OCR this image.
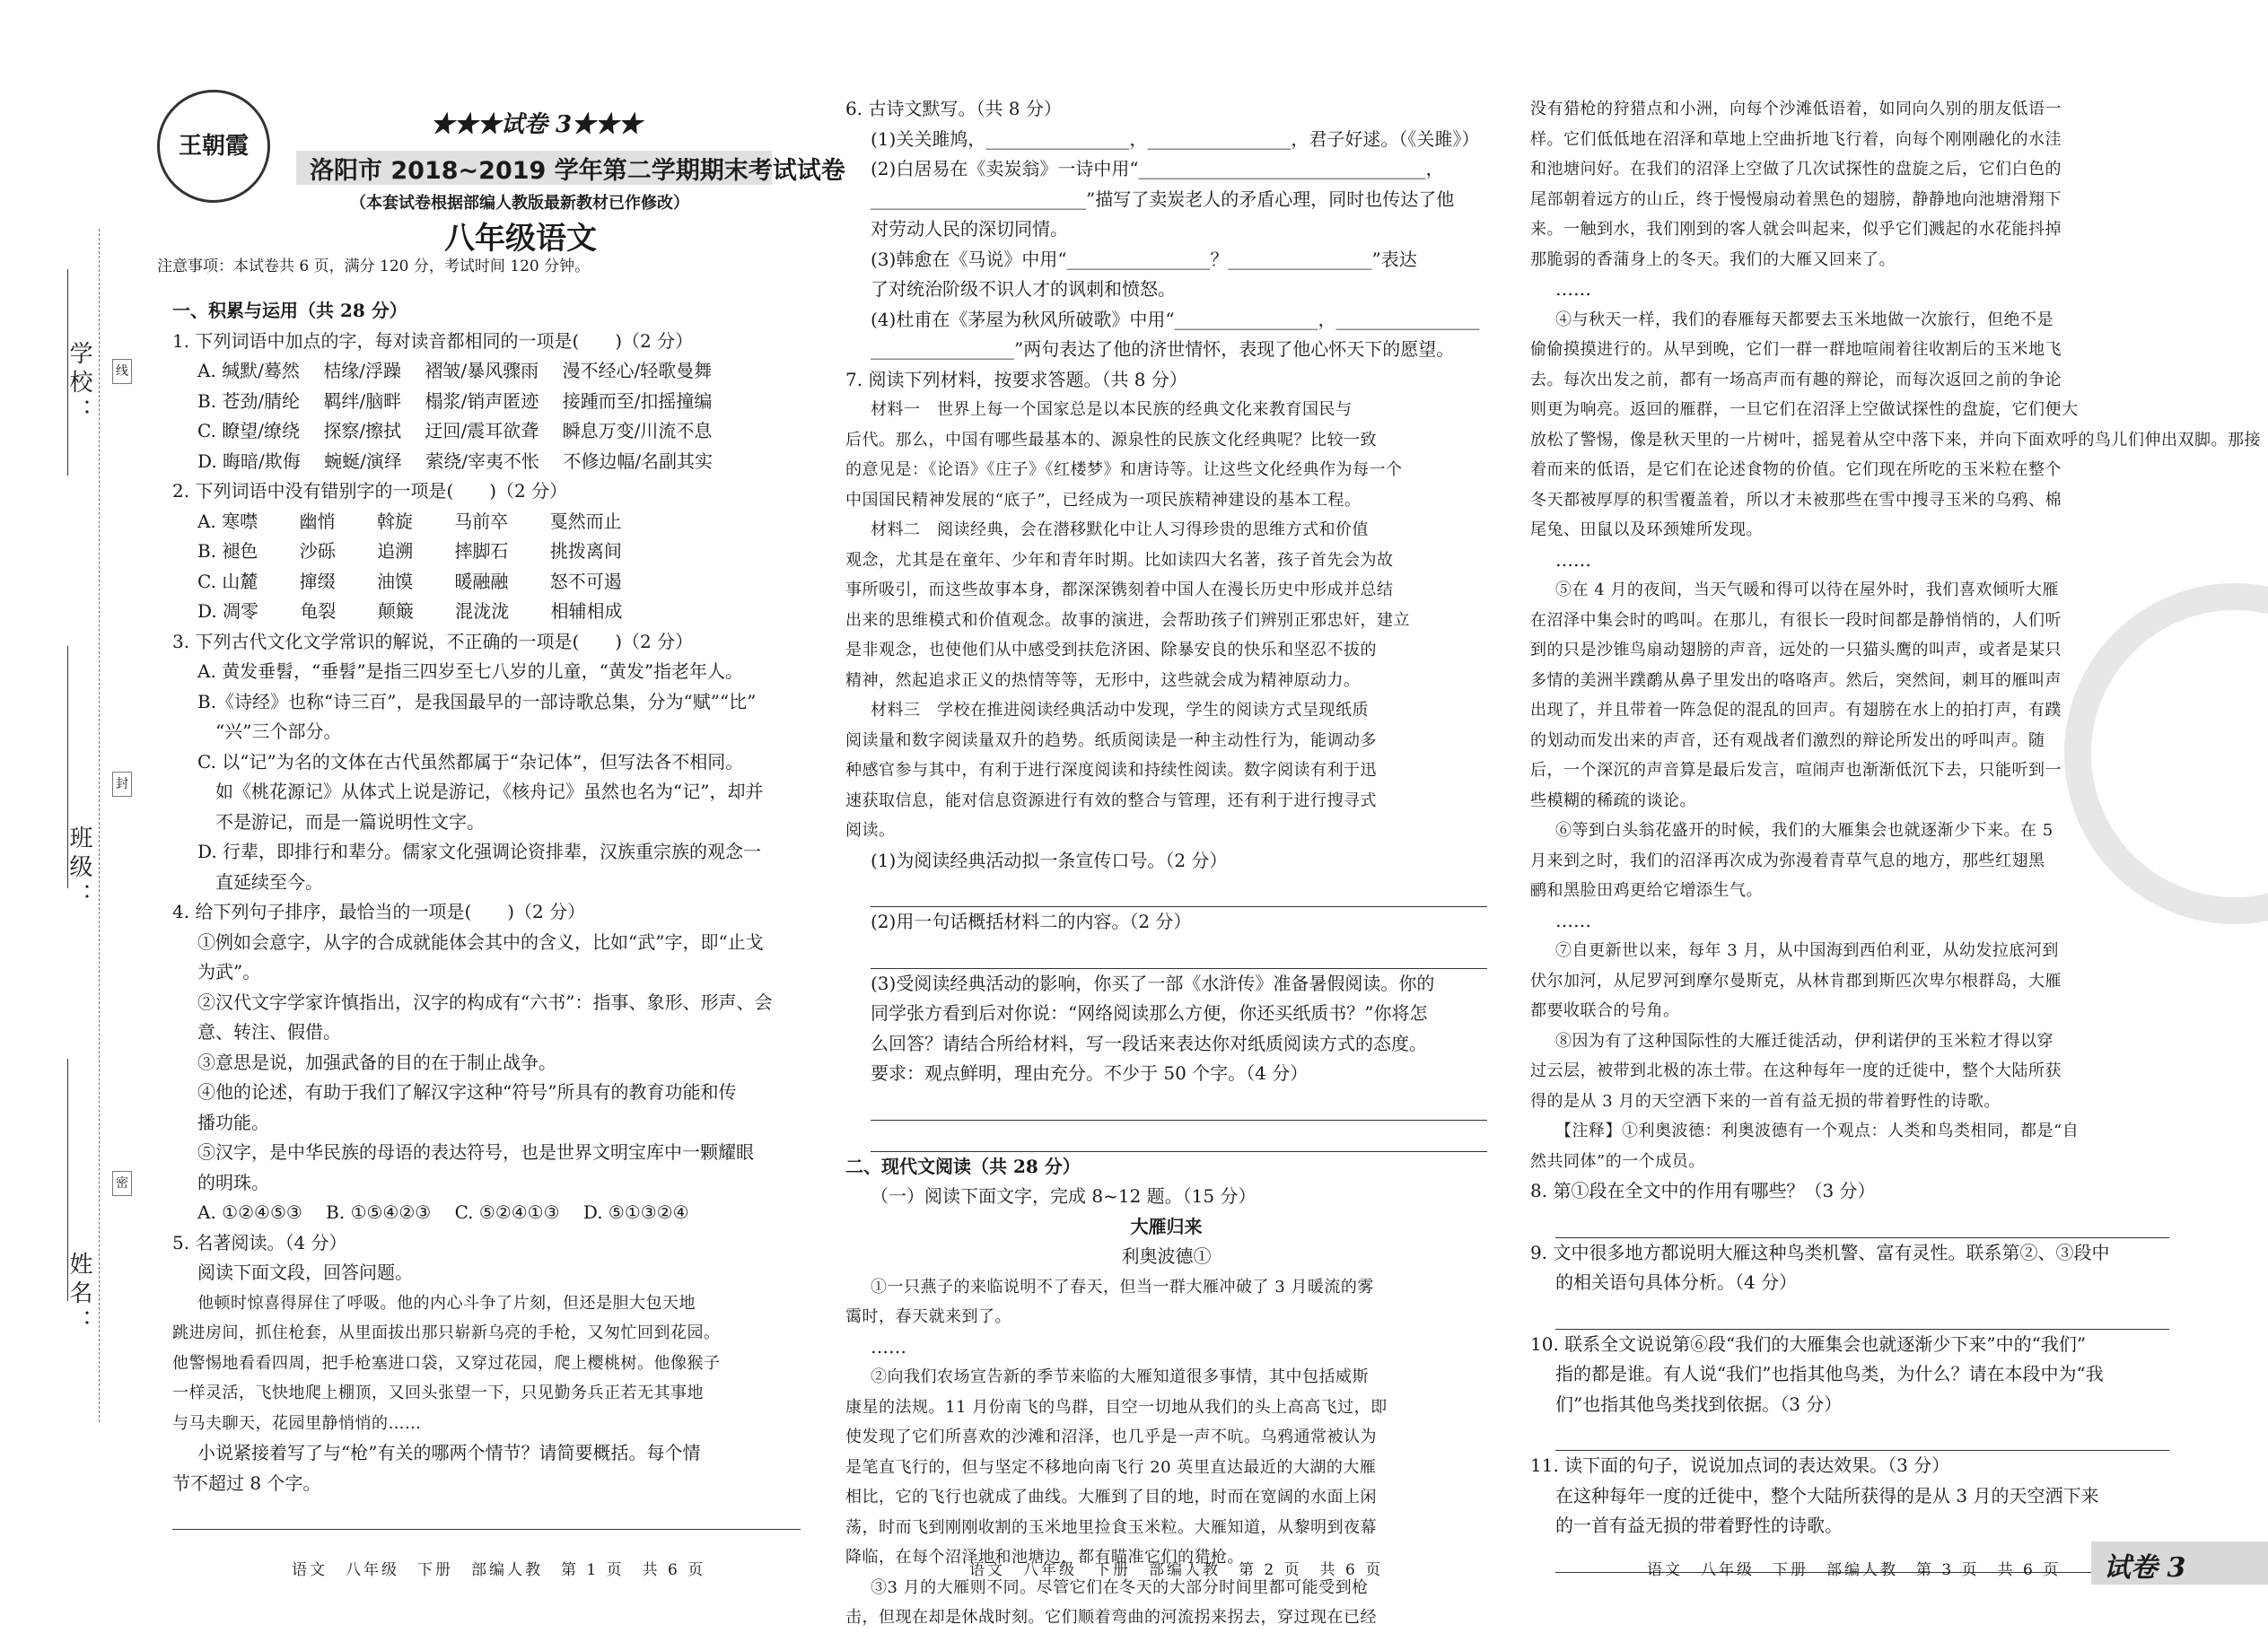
学校：
班级：
姓名：
线
封
密
王朝霞
★★★试卷 3★★★
洛阳市 2018~2019 学年第二学期期末考试试卷
（本套试卷根据部编人教版最新教材已作修改）
八年级语文
注意事项：本试卷共 6 页，满分 120 分，考试时间 120 分钟。
一、积累与运用（共 28 分）
1. 下列词语中加点的字，每对读音都相同的一项是(　　)（2 分）
A. 缄默/蓦然　 桔缘/浮躁　 褶皱/暴风骤雨　 漫不经心/轻歌曼舞
B. 苍劲/腈纶　 羁绊/脑畔　 榻浆/销声匿迹　 接踵而至/扣摇撞编
C. 瞭望/缭绕　 探察/擦拭　 迂回/震耳欲聋　 瞬息万变/川流不息
D. 晦暗/欺侮　 蜿蜒/演绎　 萦绕/宰夷不怅　 不修边幅/名副其实
2. 下列词语中没有错别字的一项是(　　)（2 分）
A. 寒噤　　 幽悄　　 斡旋　　 马前卒　　 戛然而止
B. 褪色　　 沙砾　　 追溯　　 摔脚石　　 挑拨离间
C. 山麓　　 撺缀　　 油馍　　 暖融融　　 怒不可遏
D. 凋零　　 龟裂　　 颠簸　　 混泷泷　　 相辅相成
3. 下列古代文化文学常识的解说，不正确的一项是(　　)（2 分）
A. 黄发垂髫，“垂髫”是指三四岁至七八岁的儿童，“黄发”指老年人。
B.《诗经》也称“诗三百”，是我国最早的一部诗歌总集，分为“赋”“比”
“兴”三个部分。
C. 以“记”为名的文体在古代虽然都属于“杂记体”，但写法各不相同。
如《桃花源记》从体式上说是游记，《核舟记》虽然也名为“记”，却并
不是游记，而是一篇说明性文字。
D. 行辈，即排行和辈分。儒家文化强调论资排辈，汉族重宗族的观念一
直延续至今。
4. 给下列句子排序，最恰当的一项是(　　)（2 分）
①例如会意字，从字的合成就能体会其中的含义，比如“武”字，即“止戈
为武”。
②汉代文字学家许慎指出，汉字的构成有“六书”：指事、象形、形声、会
意、转注、假借。
③意思是说，加强武备的目的在于制止战争。
④他的论述，有助于我们了解汉字这种“符号”所具有的教育功能和传
播功能。
⑤汉字，是中华民族的母语的表达符号，也是世界文明宝库中一颗耀眼
的明珠。
A. ①②④⑤③　 B. ①⑤④②③　 C. ⑤②④①③　 D. ⑤①③②④
5. 名著阅读。（4 分）
阅读下面文段，回答问题。
他顿时惊喜得屏住了呼吸。他的内心斗争了片刻，但还是胆大包天地
跳进房间，抓住枪套，从里面拔出那只崭新乌亮的手枪，又匆忙回到花园。
他警惕地看看四周，把手枪塞进口袋，又穿过花园，爬上樱桃树。他像猴子
一样灵活，飞快地爬上棚顶，又回头张望一下，只见勤务兵正若无其事地
与马夫聊天，花园里静悄悄的……
小说紧接着写了与“枪”有关的哪两个情节？请简要概括。每个情
节不超过 8 个字。
6. 古诗文默写。（共 8 分）
(1)关关雎鸠，________________，________________，君子好逑。（《关雎》）
(2)白居易在《卖炭翁》一诗中用“________________________________，
________________________”描写了卖炭老人的矛盾心理，同时也传达了他
对劳动人民的深切同情。
(3)韩愈在《马说》中用“________________？________________”表达
了对统治阶级不识人才的讽刺和愤怒。
(4)杜甫在《茅屋为秋风所破歌》中用“________________，________________
________________”两句表达了他的济世情怀，表现了他心怀天下的愿望。
7. 阅读下列材料，按要求答题。（共 8 分）
材料一　世界上每一个国家总是以本民族的经典文化来教育国民与
后代。那么，中国有哪些最基本的、源泉性的民族文化经典呢？比较一致
的意见是：《论语》《庄子》《红楼梦》和唐诗等。让这些文化经典作为每一个
中国国民精神发展的“底子”，已经成为一项民族精神建设的基本工程。
材料二　阅读经典，会在潜移默化中让人习得珍贵的思维方式和价值
观念，尤其是在童年、少年和青年时期。比如读四大名著，孩子首先会为故
事所吸引，而这些故事本身，都深深镌刻着中国人在漫长历史中形成并总结
出来的思维模式和价值观念。故事的演进，会帮助孩子们辨别正邪忠奸，建立
是非观念，也使他们从中感受到扶危济困、除暴安良的快乐和坚忍不拔的
精神，然起追求正义的热情等等，无形中，这些就会成为精神原动力。
材料三　学校在推进阅读经典活动中发现，学生的阅读方式呈现纸质
阅读量和数字阅读量双升的趋势。纸质阅读是一种主动性行为，能调动多
种感官参与其中，有利于进行深度阅读和持续性阅读。数字阅读有利于迅
速获取信息，能对信息资源进行有效的整合与管理，还有利于进行搜寻式
阅读。
(1)为阅读经典活动拟一条宣传口号。（2 分）
(2)用一句话概括材料二的内容。（2 分）
(3)受阅读经典活动的影响，你买了一部《水浒传》准备暑假阅读。你的
同学张方看到后对你说：“网络阅读那么方便，你还买纸质书？”你将怎
么回答？请结合所给材料，写一段话来表达你对纸质阅读方式的态度。
要求：观点鲜明，理由充分。不少于 50 个字。（4 分）
二、现代文阅读（共 28 分）
（一）阅读下面文字，完成 8~12 题。（15 分）
大雁归来
利奥波德①
①一只燕子的来临说明不了春天，但当一群大雁冲破了 3 月暖流的雾
霭时，春天就来到了。
……
②向我们农场宣告新的季节来临的大雁知道很多事情，其中包括威斯
康星的法规。11 月份南飞的鸟群，目空一切地从我们的头上高高飞过，即
使发现了它们所喜欢的沙滩和沼泽，也几乎是一声不吭。乌鸦通常被认为
是笔直飞行的，但与坚定不移地向南飞行 20 英里直达最近的大湖的大雁
相比，它的飞行也就成了曲线。大雁到了目的地，时而在宽阔的水面上闲
荡，时而飞到刚刚收割的玉米地里捡食玉米粒。大雁知道，从黎明到夜幕
降临，在每个沼泽地和池塘边，都有瞄准它们的猎枪。
③3 月的大雁则不同。尽管它们在冬天的大部分时间里都可能受到枪
击，但现在却是休战时刻。它们顺着弯曲的河流拐来拐去，穿过现在已经
没有猎枪的狩猎点和小洲，向每个沙滩低语着，如同向久别的朋友低语一
样。它们低低地在沼泽和草地上空曲折地飞行着，向每个刚刚融化的水洼
和池塘问好。在我们的沼泽上空做了几次试探性的盘旋之后，它们白色的
尾部朝着远方的山丘，终于慢慢扇动着黑色的翅膀，静静地向池塘滑翔下
来。一触到水，我们刚到的客人就会叫起来，似乎它们溅起的水花能抖掉
那脆弱的香蒲身上的冬天。我们的大雁又回来了。
……
④与秋天一样，我们的春雁每天都要去玉米地做一次旅行，但绝不是
偷偷摸摸进行的。从早到晚，它们一群一群地喧闹着往收割后的玉米地飞
去。每次出发之前，都有一场高声而有趣的辩论，而每次返回之前的争论
则更为响亮。返回的雁群，一旦它们在沼泽上空做试探性的盘旋，它们便大
放松了警惕，像是秋天里的一片树叶，摇晃着从空中落下来，并向下面欢呼的鸟儿们伸出双脚。那接
着而来的低语，是它们在论述食物的价值。它们现在所吃的玉米粒在整个
冬天都被厚厚的积雪覆盖着，所以才未被那些在雪中搜寻玉米的乌鸦、棉
尾兔、田鼠以及环颈雉所发现。
……
⑤在 4 月的夜间，当天气暖和得可以待在屋外时，我们喜欢倾听大雁
在沼泽中集会时的鸣叫。在那儿，有很长一段时间都是静悄悄的，人们听
到的只是沙锥鸟扇动翅膀的声音，远处的一只猫头鹰的叫声，或者是某只
多情的美洲半蹼鹬从鼻子里发出的咯咯声。然后，突然间，刺耳的雁叫声
出现了，并且带着一阵急促的混乱的回声。有翅膀在水上的拍打声，有蹼
的划动而发出来的声音，还有观战者们激烈的辩论所发出的呼叫声。随
后，一个深沉的声音算是最后发言，喧闹声也渐渐低沉下去，只能听到一
些模糊的稀疏的谈论。
⑥等到白头翁花盛开的时候，我们的大雁集会也就逐渐少下来。在 5
月来到之时，我们的沼泽再次成为弥漫着青草气息的地方，那些红翅黑
鹂和黑脸田鸡更给它增添生气。
……
⑦自更新世以来，每年 3 月，从中国海到西伯利亚，从幼发拉底河到
伏尔加河，从尼罗河到摩尔曼斯克，从林肯郡到斯匹次卑尔根群岛，大雁
都要收联合的号角。
⑧因为有了这种国际性的大雁迁徙活动，伊利诺伊的玉米粒才得以穿
过云层，被带到北极的冻土带。在这种每年一度的迁徙中，整个大陆所获
得的是从 3 月的天空洒下来的一首有益无损的带着野性的诗歌。
【注释】①利奥波德：利奥波德有一个观点：人类和鸟类相同，都是“自
然共同体”的一个成员。
8. 第①段在全文中的作用有哪些？（3 分）
9. 文中很多地方都说明大雁这种鸟类机警、富有灵性。联系第②、③段中
的相关语句具体分析。（4 分）
10. 联系全文说说第⑥段“我们的大雁集会也就逐渐少下来”中的“我们”
指的都是谁。有人说“我们”也指其他鸟类，为什么？请在本段中为“我
们”也指其他鸟类找到依据。（3 分）
11. 读下面的句子，说说加点词的表达效果。（3 分）
在这种每年一度的迁徙中，整个大陆所获得的是从 3 月的天空洒下来
的一首有益无损的带着野性的诗歌。
语文　八年级　下册　部编人教　第 1 页　共 6 页	语文　八年级　下册　部编人教　第 2 页　共 6 页	语文　八年级　下册　部编人教　第 3 页　共 6 页 试卷 3
